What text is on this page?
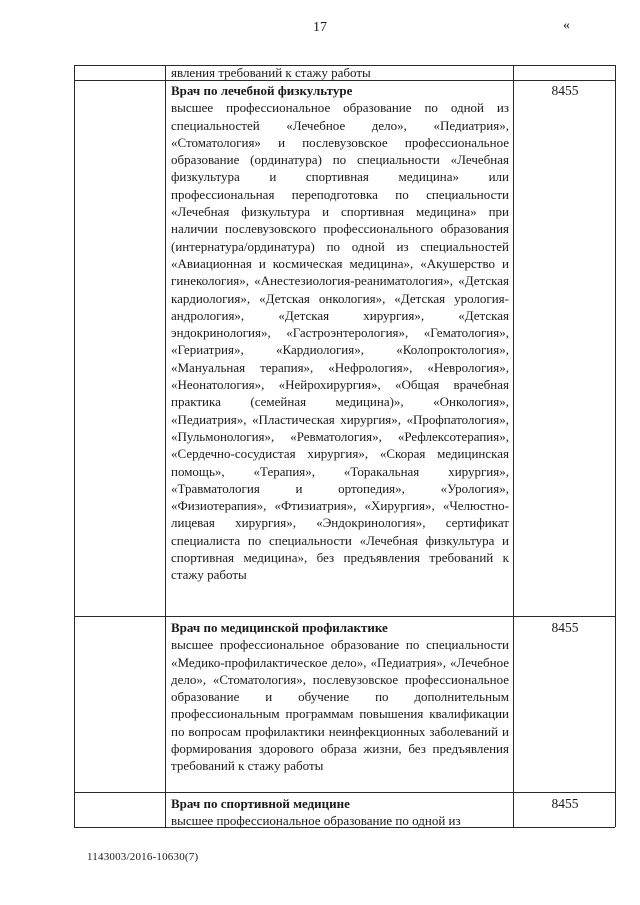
17	«
явления требований к стажу работы
Врач по лечебной физкультуре
высшее профессиональное образование по одной из специальностей «Лечебное дело», «Педиатрия», «Стоматология» и послевузовское профессиональное образование (ординатура) по специальности «Лечебная физкультура и спортивная медицина» или профессиональная переподготовка по специальности «Лечебная физкультура и спортивная медицина» при наличии послевузовского профессионального образования (интернатура/ординатура) по одной из специальностей «Авиационная и космическая медицина», «Акушерство и гинекология», «Анестезиология-реаниматология», «Детская кардиология», «Детская онкология», «Детская урология-андрология», «Детская хирургия», «Детская эндокринология», «Гастроэнтерология», «Гематология», «Гериатрия», «Кардиология», «Колопроктология», «Мануальная терапия», «Нефрология», «Неврология», «Неонатология», «Нейрохирургия», «Общая врачебная практика (семейная медицина)», «Онкология», «Педиатрия», «Пластическая хирургия», «Профпатология», «Пульмонология», «Ревматология», «Рефлексотерапия», «Сердечно-сосудистая хирургия», «Скорая медицинская помощь», «Терапия», «Торакальная хирургия», «Травматология и ортопедия», «Урология», «Физиотерапия», «Фтизиатрия», «Хирургия», «Челюстно-лицевая хирургия», «Эндокринология», сертификат специалиста по специальности «Лечебная физкультура и спортивная медицина», без предъявления требований к стажу работы
8455
Врач по медицинской профилактике
высшее профессиональное образование по специальности «Медико-профилактическое дело», «Педиатрия», «Лечебное дело», «Стоматология», послевузовское профессиональное образование и обучение по дополнительным профессиональным программам повышения квалификации по вопросам профилактики неинфекционных заболеваний и формирования здорового образа жизни, без предъявления требований к стажу работы
8455
Врач по спортивной медицине
высшее профессиональное образование по одной из
8455
1143003/2016-10630(7)
